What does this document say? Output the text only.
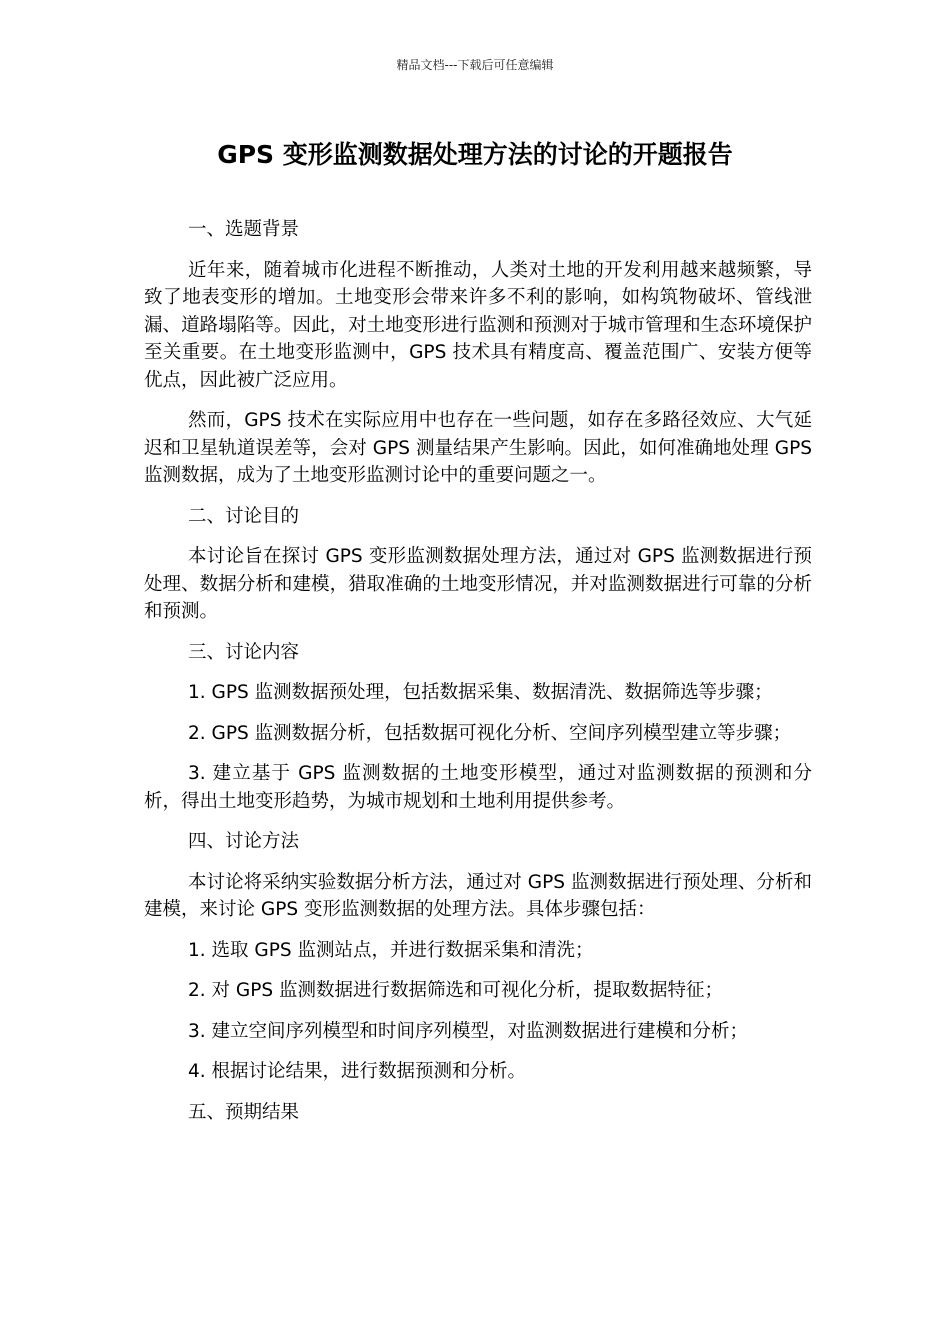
精品文档---下载后可任意编辑
GPS 变形监测数据处理方法的讨论的开题报告

一、选题背景

近年来，随着城市化进程不断推动，人类对土地的开发利用越来越频繁，导致了地表变形的增加。土地变形会带来许多不利的影响，如构筑物破坏、管线泄漏、道路塌陷等。因此，对土地变形进行监测和预测对于城市管理和生态环境保护至关重要。在土地变形监测中，GPS 技术具有精度高、覆盖范围广、安装方便等优点，因此被广泛应用。

然而，GPS 技术在实际应用中也存在一些问题，如存在多路径效应、大气延迟和卫星轨道误差等，会对 GPS 测量结果产生影响。因此，如何准确地处理 GPS 监测数据，成为了土地变形监测讨论中的重要问题之一。

二、讨论目的

本讨论旨在探讨 GPS 变形监测数据处理方法，通过对 GPS 监测数据进行预处理、数据分析和建模，猎取准确的土地变形情况，并对监测数据进行可靠的分析和预测。

三、讨论内容

1. GPS 监测数据预处理，包括数据采集、数据清洗、数据筛选等步骤；

2. GPS 监测数据分析，包括数据可视化分析、空间序列模型建立等步骤；

3. 建立基于 GPS 监测数据的土地变形模型，通过对监测数据的预测和分析，得出土地变形趋势，为城市规划和土地利用提供参考。

四、讨论方法

本讨论将采纳实验数据分析方法，通过对 GPS 监测数据进行预处理、分析和建模，来讨论 GPS 变形监测数据的处理方法。具体步骤包括：

1. 选取 GPS 监测站点，并进行数据采集和清洗；

2. 对 GPS 监测数据进行数据筛选和可视化分析，提取数据特征；

3. 建立空间序列模型和时间序列模型，对监测数据进行建模和分析；

4. 根据讨论结果，进行数据预测和分析。

五、预期结果
